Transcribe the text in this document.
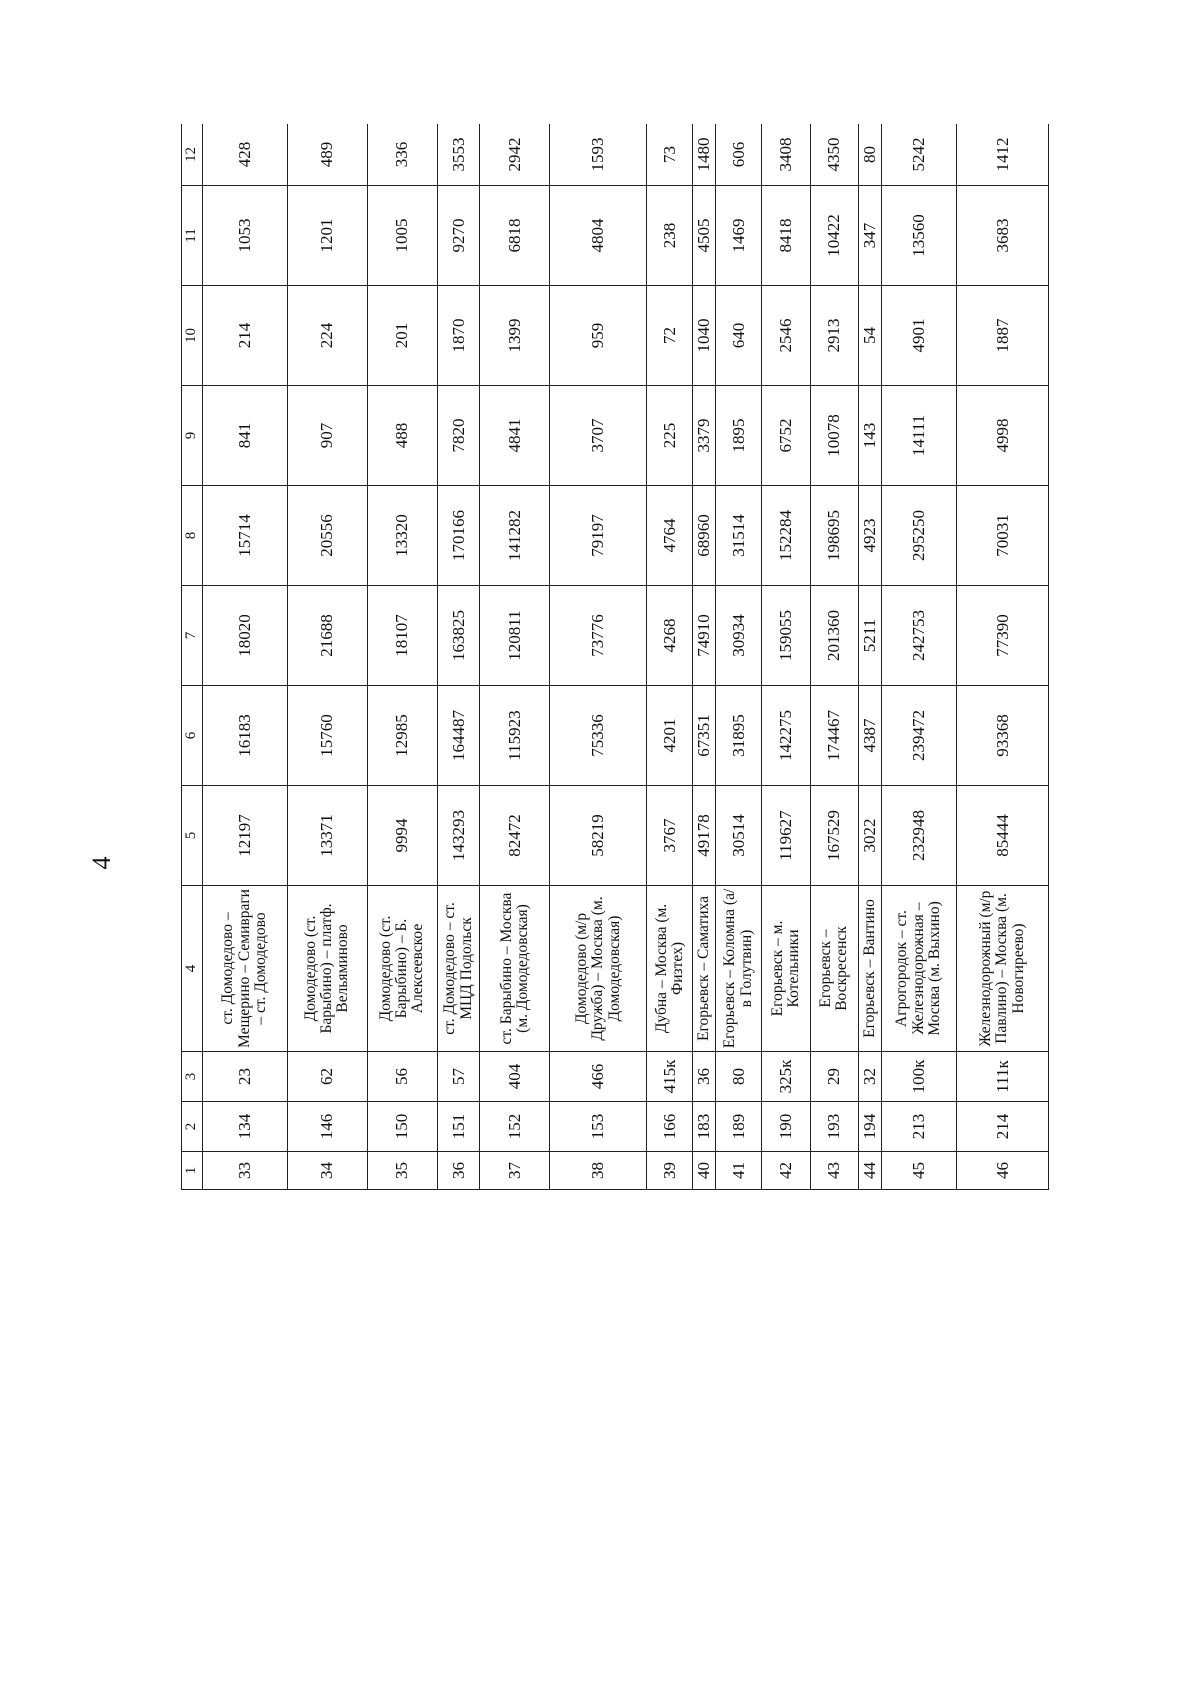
4
1	2	3	4	5	6	7	8	9	10	11	12
33	134	23	ст. Домодедово – Мещерино – Семивраги – ст. Домодедово	12197	16183	18020	15714	841	214	1053	428
34	146	62	Домодедово (ст. Барыбино) – платф. Вельяминово	13371	15760	21688	20556	907	224	1201	489
35	150	56	Домодедово (ст. Барыбино) – Б. Алексеевское	9994	12985	18107	13320	488	201	1005	336
36	151	57	ст. Домодедово – ст. МЦД Подольск	143293	164487	163825	170166	7820	1870	9270	3553
37	152	404	ст. Барыбино – Москва (м. Домодедовская)	82472	115923	120811	141282	4841	1399	6818	2942
38	153	466	Домодедово (м/р Дружба) – Москва (м. Домодедовская)	58219	75336	73776	79197	3707	959	4804	1593
39	166	415к	Дубна – Москва (м. Физтех)	3767	4201	4268	4764	225	72	238	73
40	183	36	Егорьевск – Саматиха	49178	67351	74910	68960	3379	1040	4505	1480
41	189	80	Егорьевск – Коломна (а/в Голутвин)	30514	31895	30934	31514	1895	640	1469	606
42	190	325к	Егорьевск – м. Котельники	119627	142275	159055	152284	6752	2546	8418	3408
43	193	29	Егорьевск – Воскресенск	167529	174467	201360	198695	10078	2913	10422	4350
44	194	32	Егорьевск – Вантино	3022	4387	5211	4923	143	54	347	80
45	213	100к	Агрогородок – ст. Железнодорожная – Москва (м. Выхино)	232948	239472	242753	295250	14111	4901	13560	5242
46	214	111к	Железнодорожный (м/р Павлино) – Москва (м. Новогиреево)	85444	93368	77390	70031	4998	1887	3683	1412
